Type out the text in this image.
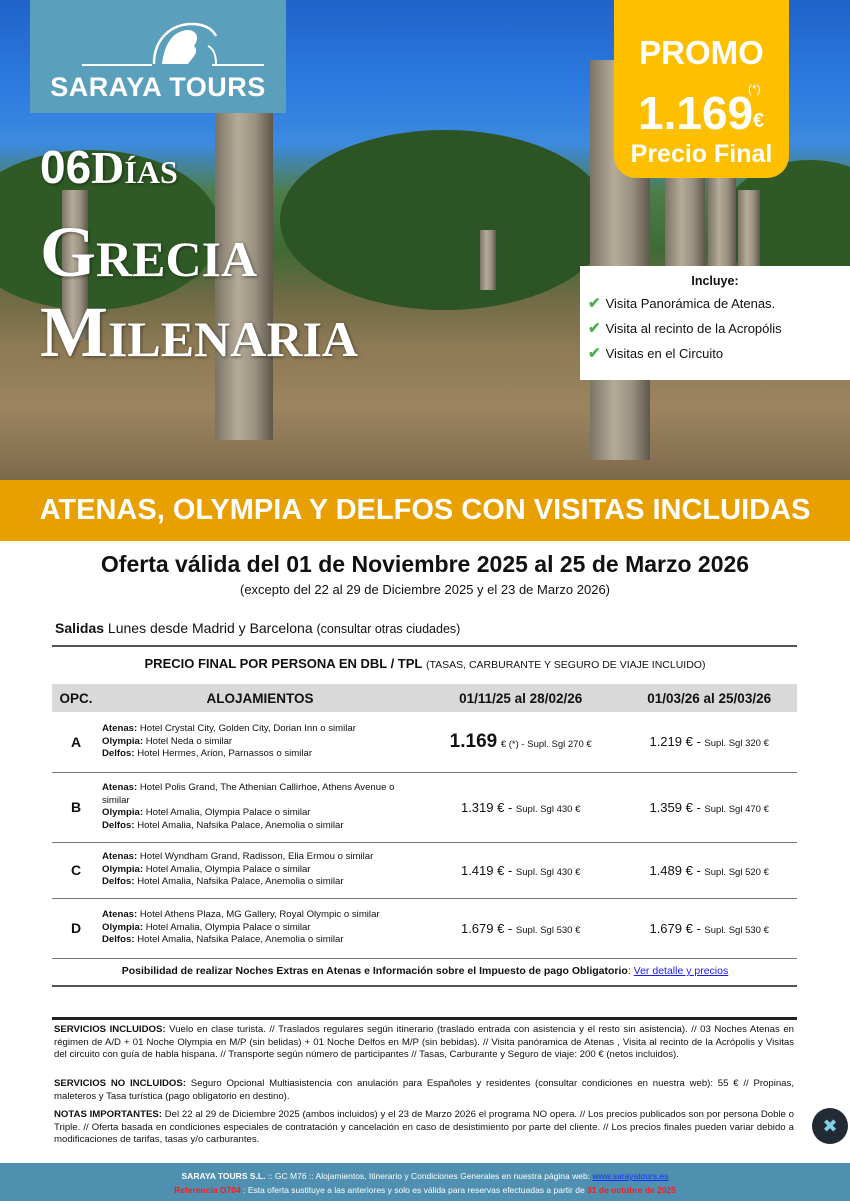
SARAYA TOURS
PROMO
(*)
1.169 €
Precio Final
06Días
Grecia
Milenaria
Incluye:
✔ Visita Panorámica de Atenas.
✔ Visita al recinto de la Acropólis
✔ Visitas en el Circuito
ATENAS, OLYMPIA Y DELFOS CON VISITAS INCLUIDAS
Oferta válida del 01 de Noviembre 2025 al 25 de Marzo 2026
(excepto del 22 al 29 de Diciembre 2025 y el 23 de Marzo 2026)
Salidas Lunes desde Madrid y Barcelona (consultar otras ciudades)
PRECIO FINAL POR PERSONA EN DBL / TPL (TASAS, CARBURANTE Y SEGURO DE VIAJE INCLUIDO)
OPC.	ALOJAMIENTOS	01/11/25 al 28/02/26	01/03/26 al 25/03/26
A	Atenas: Hotel Crystal City, Golden City, Dorian Inn o similar
Olympia: Hotel Neda o similar
Delfos: Hotel Hermes, Arion, Parnassos o similar	1.169 € (*) - Supl. Sgl 270 €	1.219 € - Supl. Sgl 320 €
B	Atenas: Hotel Polis Grand, The Athenian Callirhoe, Athens Avenue o similar
Olympia: Hotel Amalia, Olympia Palace o similar
Delfos: Hotel Amalia, Nafsika Palace, Anemolia o similar	1.319 € - Supl. Sgl 430 €	1.359 € - Supl. Sgl 470 €
C	Atenas: Hotel Wyndham Grand, Radisson, Elia Ermou o similar
Olympia: Hotel Amalia, Olympia Palace o similar
Delfos: Hotel Amalia, Nafsika Palace, Anemolia o similar	1.419 € - Supl. Sgl 430 €	1.489 € - Supl. Sgl 520 €
D	Atenas: Hotel Athens Plaza, MG Gallery, Royal Olympic o similar
Olympia: Hotel Amalia, Olympia Palace o similar
Delfos: Hotel Amalia, Nafsika Palace, Anemolia o similar	1.679 € - Supl. Sgl 530 €	1.679 € - Supl. Sgl 530 €
Posibilidad de realizar Noches Extras en Atenas e Información sobre el Impuesto de pago Obligatorio: Ver detalle y precios
SERVICIOS INCLUIDOS: Vuelo en clase turista. // Traslados regulares según itinerario (traslado entrada con asistencia y el resto sin asistencia). // 03 Noches Atenas en régimen de A/D + 01 Noche Olympia en M/P (sin belidas) + 01 Noche Delfos en M/P (sin bebidas). // Visita panóramica de Atenas , Visita al recinto de la Acrópolis y Visitas del circuito con guía de habla hispana. // Transporte según número de participantes // Tasas, Carburante y Seguro de viaje: 200 € (netos incluidos).
SERVICIOS NO INCLUIDOS: Seguro Opcional Multiasistencia con anulación para Españoles y residentes (consultar condiciones en nuestra web): 55 € // Propinas, maleteros y Tasa turística (pago obligatorio en destino).
NOTAS IMPORTANTES: Del 22 al 29 de Diciembre 2025 (ambos incluidos) y el 23 de Marzo 2026 el programa NO opera. // Los precios publicados son por persona Doble o Triple. // Oferta basada en condiciones especiales de contratación y cancelación en caso de desistimiento por parte del cliente. // Los precios finales pueden variar debido a modificaciones de tarifas, tasas y/o carburantes.
✖
SARAYA TOURS S.L. :: GC M76 :: Alojamientos, Itinerario y Condiciones Generales en nuestra página web: www.sarayatours.es
Referencia O704 : Esta oferta sustituye a las anteriores y solo es válida para reservas efectuadas a partir de 31 de octubre de 2025
